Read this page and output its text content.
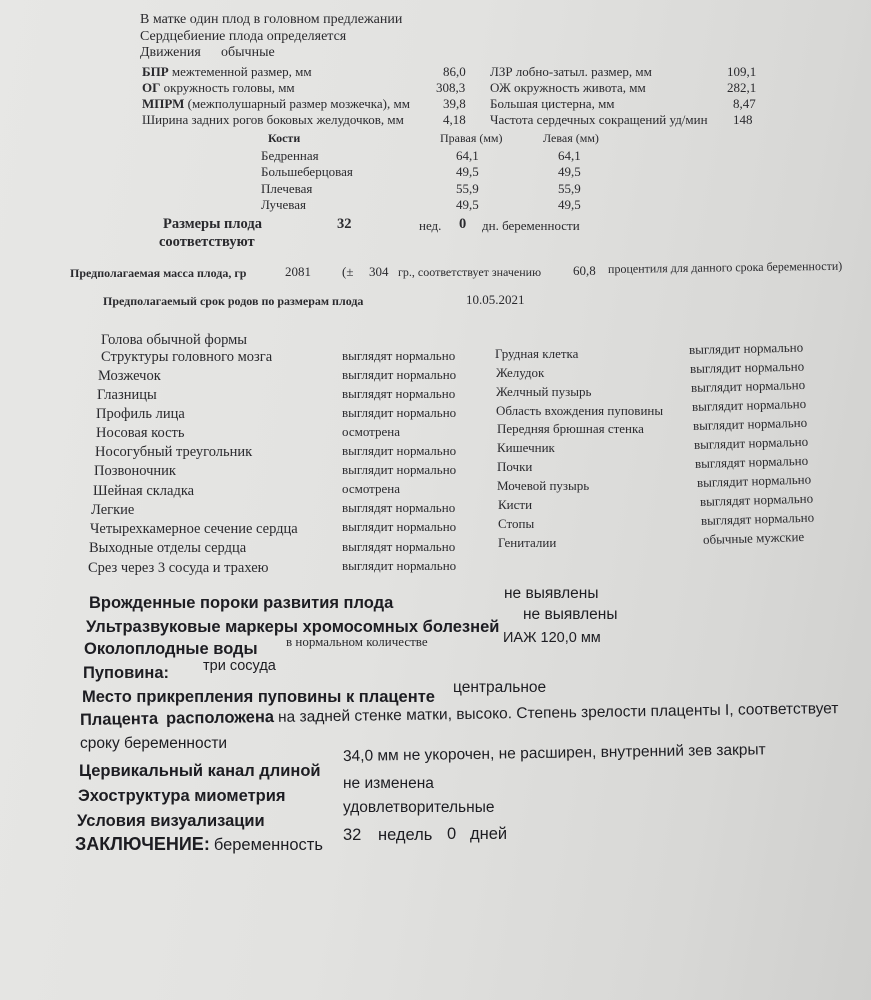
В матке один плод в головном предлежании
Сердцебиение плода определяется
Движения обычные
БПР межтеменной размер, мм	86,0 ЛЗР лобно-затыл. размер, мм	109,1
ОГ окружность головы, мм	308,3 ОЖ окружность живота, мм	282,1
МПРМ (межполушарный размер мозжечка), мм	39,8 Большая цистерна, мм	8,47
Ширина задних рогов боковых желудочков, мм	4,18 Частота сердечных сокращений уд/мин 148
Кости	Правая (мм)	Левая (мм)
Бедренная	64,1	64,1
Большеберцовая	49,5	49,5
Плечевая	55,9	55,9
Лучевая	49,5	49,5
Размеры плода
соответствуют
32	нед. 0 дн. беременности
Предполагаемая масса плода, гр	2081 (± 304 гр., соответствует значению 60,8 процентиля для данного срока беременности)
Предполагаемый срок родов по размерам плода	10.05.2021
Голова обычной формы
Структуры головного мозга	выглядят нормально
Мозжечок	выглядит нормально
Глазницы	выглядят нормально
Профиль лица	выглядит нормально
Носовая кость	осмотрена
Носогубный треугольник	выглядит нормально
Позвоночник	выглядит нормально
Шейная складка	осмотрена
Легкие	выглядят нормально
Четырехкамерное сечение сердца	выглядит нормально
Выходные отделы сердца	выглядят нормально
Срез через 3 сосуда и трахею	выглядит нормально
Грудная клетка	выглядит нормально
Желудок	выглядит нормально
Желчный пузырь	выглядит нормально
Область вхождения пуповины выглядит нормально
Передняя брюшная стенка	выглядит нормально
Кишечник	выглядит нормально
Почки	выглядят нормально
Мочевой пузырь	выглядит нормально
Кисти	выглядят нормально
Стопы	выглядят нормально
Гениталии	обычные мужские
Врожденные пороки развития плода
не выявлены
Ультразвуковые маркеры хромосомных болезней
не выявлены
Околоплодные воды в нормальном количестве	ИАЖ 120,0 мм
Пуповина: три сосуда
Место прикрепления пуповины к плаценте
центральное
Плацента расположена на задней стенке матки, высоко. Степень зрелости плаценты I, соответствует
сроку беременности
Цервикальный канал длиной
34,0 мм не укорочен, не расширен, внутренний зев закрыт
Эхоструктура миометрия
не изменена
Условия визуализации
удовлетворительные
ЗАКЛЮЧЕНИЕ: беременность
32 недель 0 дней
